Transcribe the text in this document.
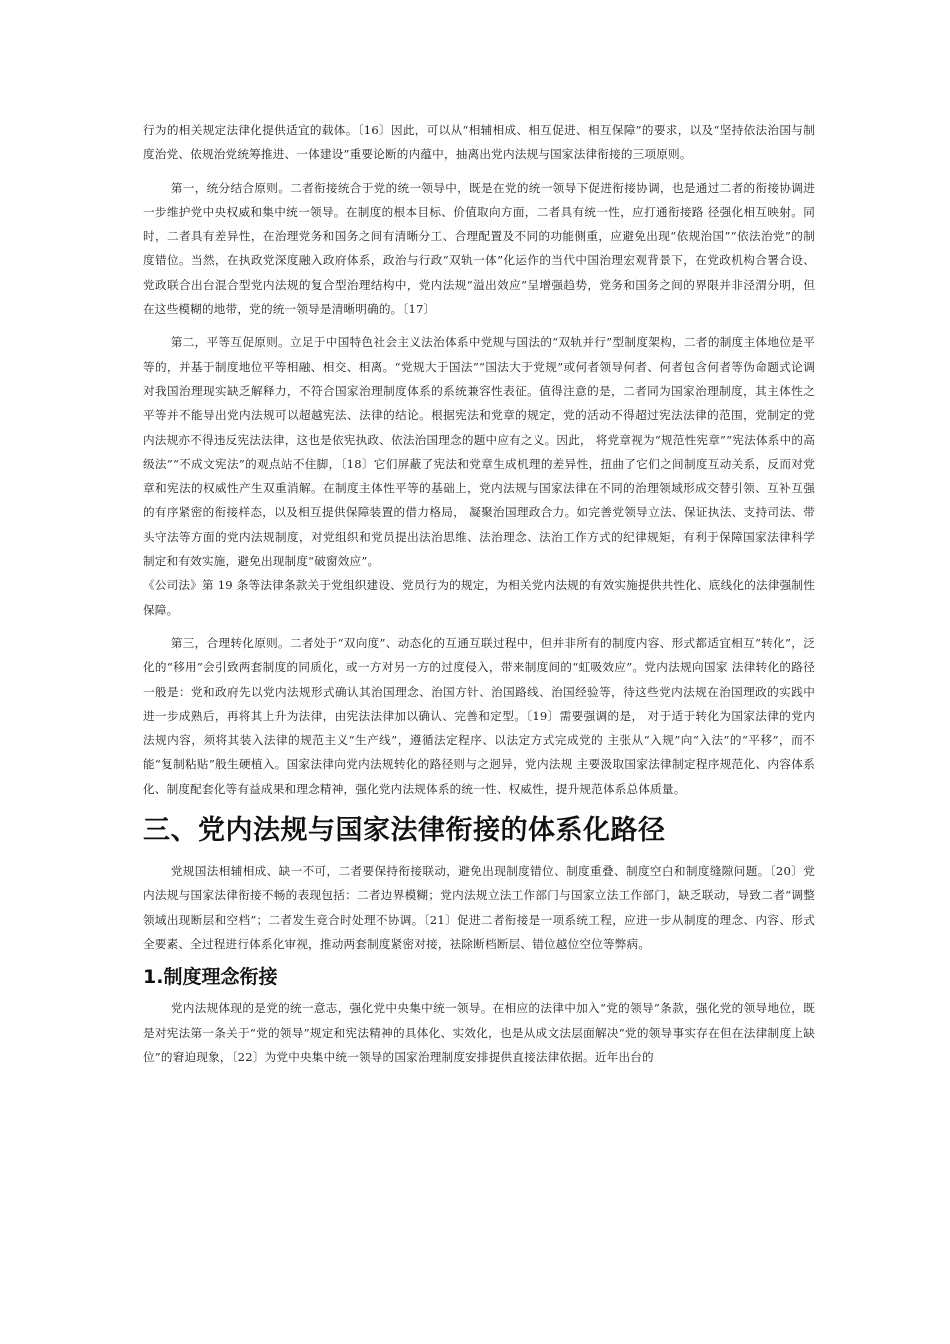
行为的相关规定法律化提供适宜的载体。〔16〕因此，可以从“相辅相成、相互促进、相互保障”的要求，以及“坚持依法治国与制度治党、依规治党统筹推进、一体建设”重要论断的内蕴中，抽离出党内法规与国家法律衔接的三项原则。

第一，统分结合原则。二者衔接统合于党的统一领导中，既是在党的统一领导下促进衔接协调，也是通过二者的衔接协调进一步维护党中央权威和集中统一领导。在制度的根本目标、价值取向方面，二者具有统一性，应打通衔接路 径强化相互映射。同时，二者具有差异性，在治理党务和国务之间有清晰分工、合理配置及不同的功能侧重，应避免出现“依规治国”“依法治党”的制度错位。当然，在执政党深度融入政府体系，政治与行政“双轨一体”化运作的当代中国治理宏观背景下，在党政机构合署合设、党政联合出台混合型党内法规的复合型治理结构中，党内法规“溢出效应”呈增强趋势，党务和国务之间的界限并非泾渭分明，但在这些模糊的地带，党的统一领导是清晰明确的。〔17〕

第二，平等互促原则。立足于中国特色社会主义法治体系中党规与国法的“双轨并行”型制度架构，二者的制度主体地位是平等的，并基于制度地位平等相融、相交、相离。“党规大于国法”“国法大于党规”或何者领导何者、何者包含何者等伪命题式论调对我国治理现实缺乏解释力，不符合国家治理制度体系的系统兼容性表征。值得注意的是，二者同为国家治理制度，其主体性之平等并不能导出党内法规可以超越宪法、法律的结论。根据宪法和党章的规定，党的活动不得超过宪法法律的范围，党制定的党内法规亦不得违反宪法法律，这也是依宪执政、依法治国理念的题中应有之义。因此， 将党章视为“规范性宪章”“宪法体系中的高级法”“不成文宪法”的观点站不住脚，〔18〕它们屏蔽了宪法和党章生成机理的差异性，扭曲了它们之间制度互动关系，反而对党章和宪法的权威性产生双重消解。在制度主体性平等的基础上，党内法规与国家法律在不同的治理领域形成交替引领、互补互强的有序紧密的衔接样态，以及相互提供保障装置的借力格局， 凝聚治国理政合力。如完善党领导立法、保证执法、支持司法、带头守法等方面的党内法规制度，对党组织和党员提出法治思维、法治理念、法治工作方式的纪律规矩，有利于保障国家法律科学制定和有效实施，避免出现制度“破窗效应”。

《公司法》第 19 条等法律条款关于党组织建设、党员行为的规定，为相关党内法规的有效实施提供共性化、底线化的法律强制性保障。

第三，合理转化原则。二者处于“双向度”、动态化的互通互联过程中，但并非所有的制度内容、形式都适宜相互“转化”，泛化的“移用”会引致两套制度的同质化，或一方对另一方的过度侵入，带来制度间的“虹吸效应”。党内法规向国家 法律转化的路径一般是：党和政府先以党内法规形式确认其治国理念、治国方针、治国路线、治国经验等，待这些党内法规在治国理政的实践中进一步成熟后，再将其上升为法律，由宪法法律加以确认、完善和定型。〔19〕需要强调的是， 对于适于转化为国家法律的党内法规内容，须将其装入法律的规范主义“生产线”，遵循法定程序、以法定方式完成党的 主张从“入规”向“入法”的“平移”，而不能“复制粘贴”般生硬植入。国家法律向党内法规转化的路径则与之迥异，党内法规 主要汲取国家法律制定程序规范化、内容体系化、制度配套化等有益成果和理念精神，强化党内法规体系的统一性、权威性，提升规范体系总体质量。

三、党内法规与国家法律衔接的体系化路径

党规国法相辅相成、缺一不可，二者要保持衔接联动，避免出现制度错位、制度重叠、制度空白和制度缝隙问题。〔20〕党内法规与国家法律衔接不畅的表现包括：二者边界模糊；党内法规立法工作部门与国家立法工作部门，缺乏联动，导致二者“调整领域出现断层和空档”；二者发生竞合时处理不协调。〔21〕促进二者衔接是一项系统工程，应进一步从制度的理念、内容、形式全要素、全过程进行体系化审视，推动两套制度紧密对接，祛除断档断层、错位越位空位等弊病。

1.制度理念衔接

党内法规体现的是党的统一意志，强化党中央集中统一领导。在相应的法律中加入“党的领导”条款，强化党的领导地位，既是对宪法第一条关于“党的领导”规定和宪法精神的具体化、实效化，也是从成文法层面解决“党的领导事实存在但在法律制度上缺位”的窘迫现象，〔22〕为党中央集中统一领导的国家治理制度安排提供直接法律依据。近年出台的
